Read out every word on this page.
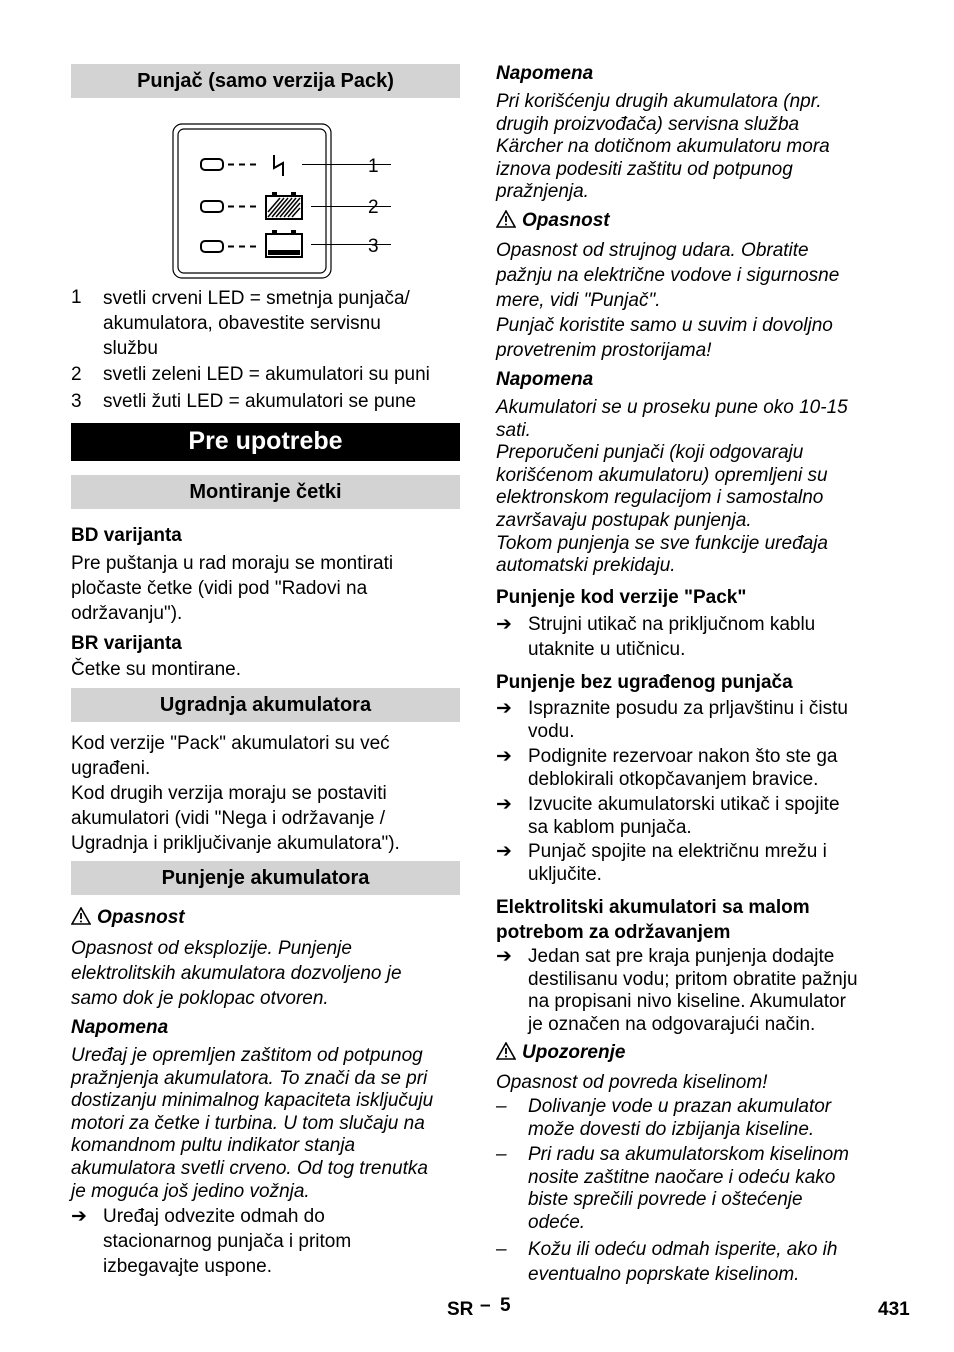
Punjač (samo verzija Pack)
1
2
3
1	svetli crveni LED = smetnja punjača/
akumulatora, obavestite servisnu
službu
2	svetli zeleni LED = akumulatori su puni
3	svetli žuti LED = akumulatori se pune
Pre upotrebe
Montiranje četki
BD varijanta
Pre puštanja u rad moraju se montirati
pločaste četke (vidi pod "Radovi na
održavanju").
BR varijanta
Četke su montirane.
Ugradnja akumulatora
Kod verzije "Pack" akumulatori su već
ugrađeni.
Kod drugih verzija moraju se postaviti
akumulatori (vidi "Nega i održavanje /
Ugradnja i priključivanje akumulatora").
Punjenje akumulatora
Opasnost
Opasnost od eksplozije. Punjenje
elektrolitskih akumulatora dozvoljeno je
samo dok je poklopac otvoren.
Napomena
Uređaj je opremljen zaštitom od potpunog
pražnjenja akumulatora. To znači da se pri
dostizanju minimalnog kapaciteta isključuju
motori za četke i turbina. U tom slučaju na
komandnom pultu indikator stanja
akumulatora svetli crveno. Od tog trenutka
je moguća još jedino vožnja.
➔ Uređaj odvezite odmah do
stacionarnog punjača i pritom
izbegavajte uspone.
Napomena
Pri korišćenju drugih akumulatora (npr.
drugih proizvođača) servisna služba
Kärcher na dotičnom akumulatoru mora
iznova podesiti zaštitu od potpunog
pražnjenja.
Opasnost
Opasnost od strujnog udara. Obratite
pažnju na električne vodove i sigurnosne
mere, vidi "Punjač".
Punjač koristite samo u suvim i dovoljno
provetrenim prostorijama!
Napomena
Akumulatori se u proseku pune oko 10-15
sati.
Preporučeni punjači (koji odgovaraju
korišćenom akumulatoru) opremljeni su
elektronskom regulacijom i samostalno
završavaju postupak punjenja.
Tokom punjenja se sve funkcije uređaja
automatski prekidaju.
Punjenje kod verzije "Pack"
➔ Strujni utikač na priključnom kablu
utaknite u utičnicu.
Punjenje bez ugrađenog punjača
➔ Ispraznite posudu za prljavštinu i čistu
vodu.
➔ Podignite rezervoar nakon što ste ga
deblokirali otkopčavanjem bravice.
➔ Izvucite akumulatorski utikač i spojite
sa kablom punjača.
➔ Punjač spojite na električnu mrežu i
uključite.
Elektrolitski akumulatori sa malom
potrebom za održavanjem
➔ Jedan sat pre kraja punjenja dodajte
destilisanu vodu; pritom obratite pažnju
na propisani nivo kiseline. Akumulator
je označen na odgovarajući način.
Upozorenje
Opasnost od povreda kiselinom!
–	Dolivanje vode u prazan akumulator
može dovesti do izbijanja kiseline.
–	Pri radu sa akumulatorskom kiselinom
nosite zaštitne naočare i odeću kako
biste sprečili povrede i oštećenje
odeće.
–	Kožu ili odeću odmah isperite, ako ih
eventualno poprskate kiselinom.
SR – 5	431
